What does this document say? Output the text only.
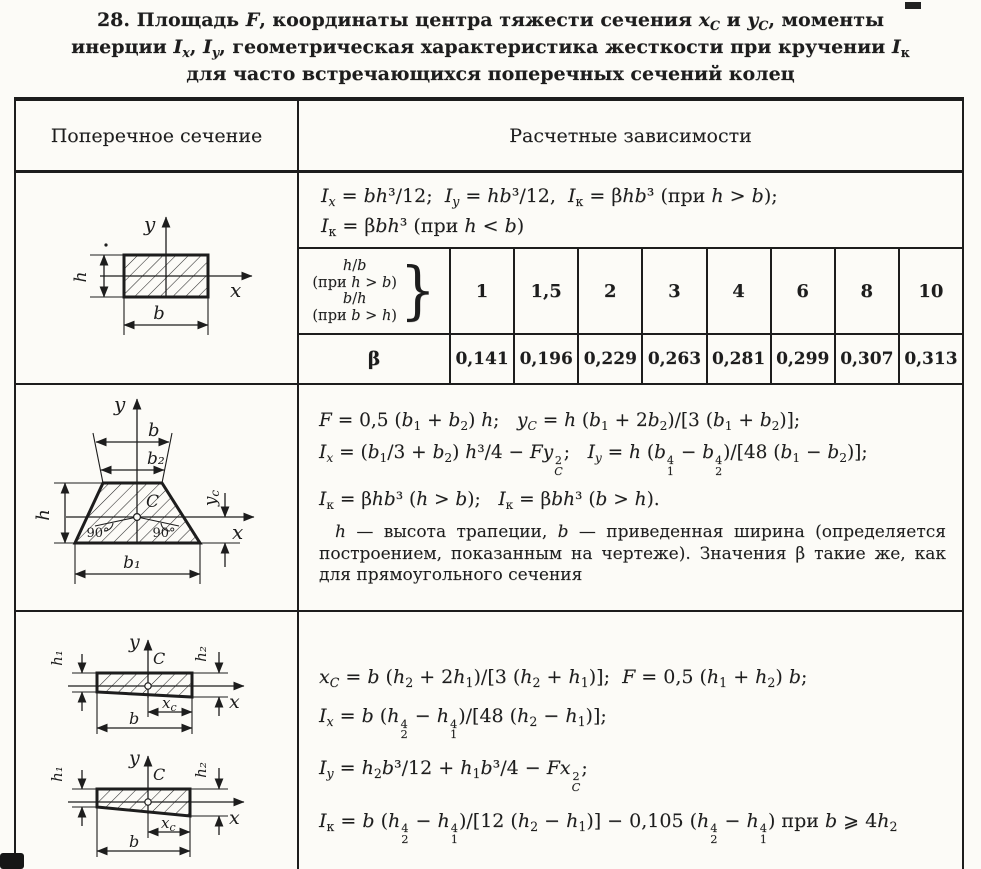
28. Площадь F, координаты центра тяжести сечения $x_C$ и $y_C$, моменты
инерции $I_x$, $I_y$, геометрическая характеристика жесткости при кручении $I_к$
для часто встречающихся поперечных сечений колец
Поперечное сечение	Расчетные зависимости
y
x
h
b
$I_x = bh^3/12$;  $I_y = hb^3/12$,  $I_к = \beta hb^3$ (при h > b);
$I_к = \beta bh^3$ (при h < b)
h/b
(при h > b)
b/h
(при b > h) }	1	1,5	2	3	4	6	8	10
β	0,141 0,196 0,229 0,263 0,281 0,299 0,307 0,313
y
x
90°	90°
C
b
b₂
h
yc
b₁
F = 0,5 $(b_1 + b_2)$ h;   $y_C = h$ $(b_1 + 2b_2)/[3$ $(b_1 + b_2)$];
$I_x = (b_1/3 + b_2) h^3/4 - Fy$ 2
C
;   $I_y = h$ (b 4
1
− b 4
2
)/[48 $(b_1 - b_2)$];
$I_к = \beta hb^3$ (h > b);   $I_к = \beta bh^3$ (b > h).
h — высота трапеции, b — приведенная ширина (определяется построением, показанным на чертеже). Значения β такие же, как для прямоугольного сечения
y
x
C
h₁	h₂
xc
b

y
x
C
h₁	h₂
xc
b
$x_C = b$ $(h_2 + 2h_1)/[3$ $(h_2 + h_1)$];  F = 0,5 $(h_1 + h_2)$ b;
$I_x = b$ (h 4
2
− h 4
1
)/[48 $(h_2 - h_1)$];
$I_y = h_2b^3/12 + h_1b^3/4 - Fx$ 2
C
;
$I_к = b$ (h 4
2
− h 4
1
)/[12 $(h_2 - h_1)] - 0,105$ (h 4
2
− h 4
1
) при b ⩾ $4h_2$
